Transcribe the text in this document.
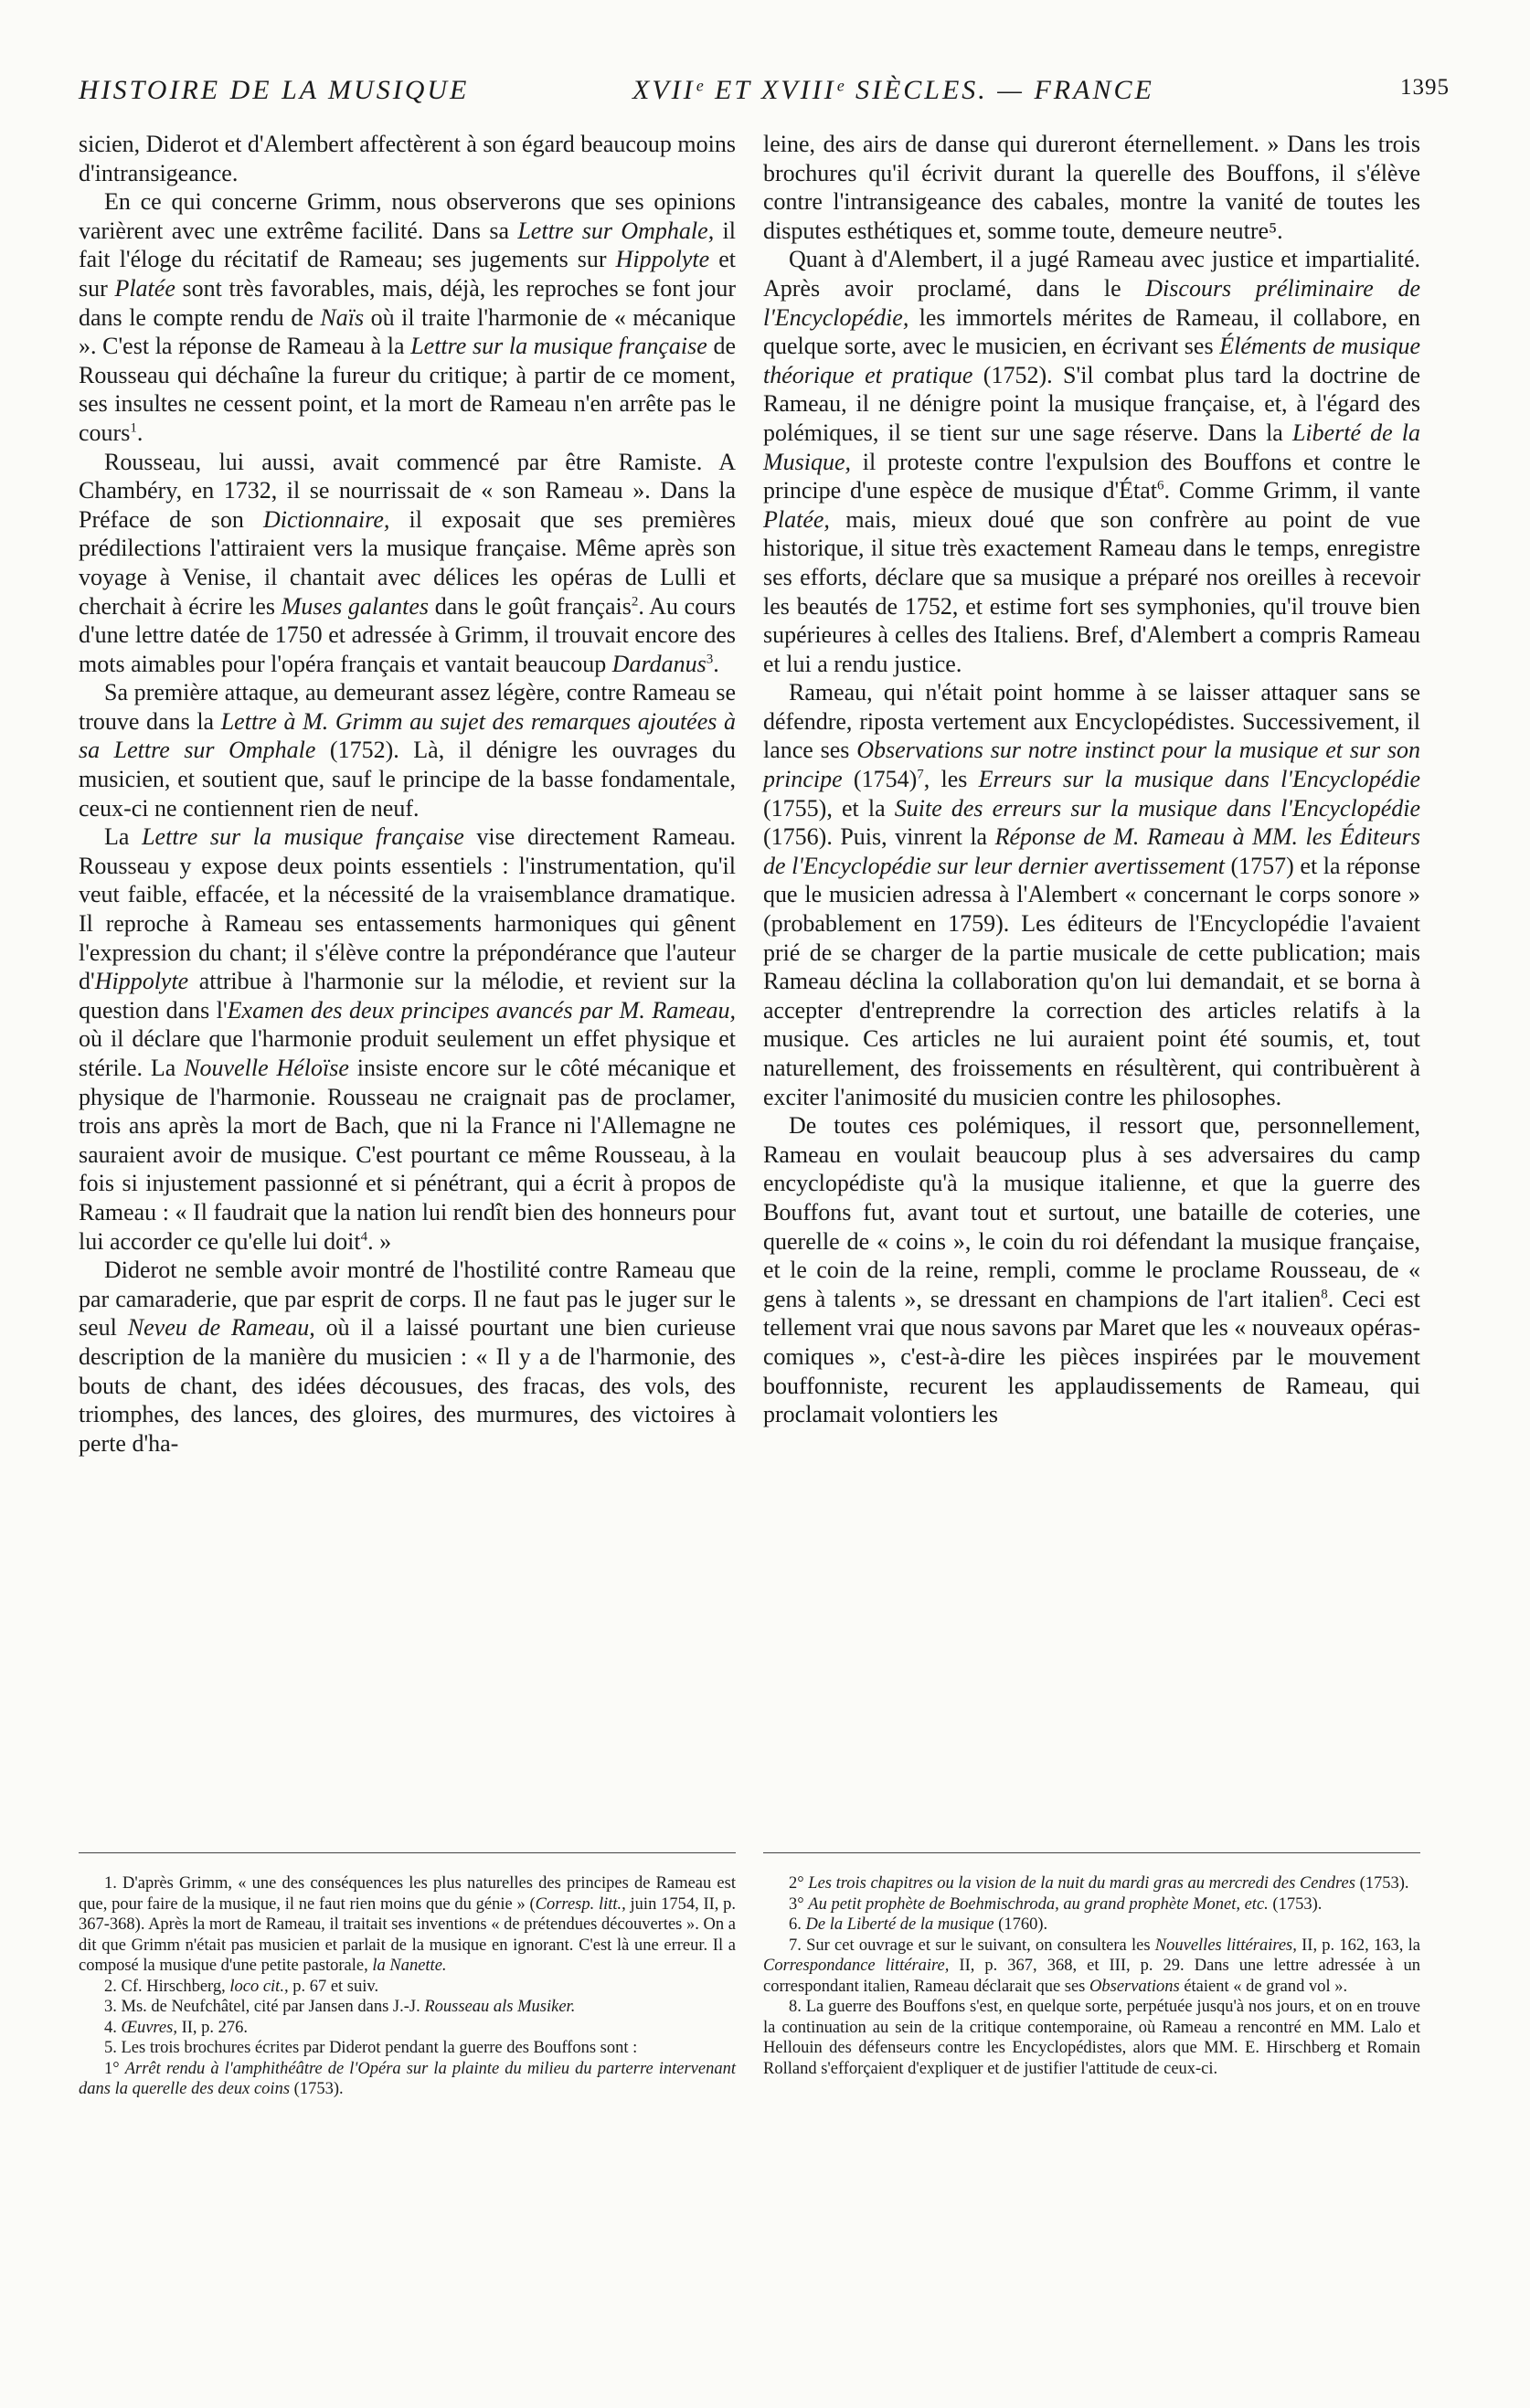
HISTOIRE DE LA MUSIQUE	XVIIᵉ ET XVIIIᵉ SIÈCLES. — FRANCE	1395

sicien, Diderot et d'Alembert affectèrent à son égard beaucoup moins d'intransigeance.

En ce qui concerne Grimm, nous observerons que ses opinions varièrent avec une extrême facilité. Dans sa Lettre sur Omphale, il fait l'éloge du récitatif de Rameau; ses jugements sur Hippolyte et sur Platée sont très favorables, mais, déjà, les reproches se font jour dans le compte rendu de Naïs où il traite l'harmonie de « mécanique ». C'est la réponse de Rameau à la Lettre sur la musique française de Rousseau qui déchaîne la fureur du critique; à partir de ce moment, ses insultes ne cessent point, et la mort de Rameau n'en arrête pas le cours$^1$.

Rousseau, lui aussi, avait commencé par être Ramiste. A Chambéry, en 1732, il se nourrissait de « son Rameau ». Dans la Préface de son Dictionnaire, il exposait que ses premières prédilections l'attiraient vers la musique française. Même après son voyage à Venise, il chantait avec délices les opéras de Lulli et cherchait à écrire les Muses galantes dans le goût français$^2$. Au cours d'une lettre datée de 1750 et adressée à Grimm, il trouvait encore des mots aimables pour l'opéra français et vantait beaucoup Dardanus$^3$.

Sa première attaque, au demeurant assez légère, contre Rameau se trouve dans la Lettre à M. Grimm au sujet des remarques ajoutées à sa Lettre sur Omphale (1752). Là, il dénigre les ouvrages du musicien, et soutient que, sauf le principe de la basse fondamentale, ceux-ci ne contiennent rien de neuf.

La Lettre sur la musique française vise directement Rameau. Rousseau y expose deux points essentiels : l'instrumentation, qu'il veut faible, effacée, et la nécessité de la vraisemblance dramatique. Il reproche à Rameau ses entassements harmoniques qui gênent l'expression du chant; il s'élève contre la prépondérance que l'auteur d'Hippolyte attribue à l'harmonie sur la mélodie, et revient sur la question dans l'Examen des deux principes avancés par M. Rameau, où il déclare que l'harmonie produit seulement un effet physique et stérile. La Nouvelle Héloïse insiste encore sur le côté mécanique et physique de l'harmonie. Rousseau ne craignait pas de proclamer, trois ans après la mort de Bach, que ni la France ni l'Allemagne ne sauraient avoir de musique. C'est pourtant ce même Rousseau, à la fois si injustement passionné et si pénétrant, qui a écrit à propos de Rameau : « Il faudrait que la nation lui rendît bien des honneurs pour lui accorder ce qu'elle lui doit$^4$. »

Diderot ne semble avoir montré de l'hostilité contre Rameau que par camaraderie, que par esprit de corps. Il ne faut pas le juger sur le seul Neveu de Rameau, où il a laissé pourtant une bien curieuse description de la manière du musicien : « Il y a de l'harmonie, des bouts de chant, des idées décousues, des fracas, des vols, des triomphes, des lances, des gloires, des murmures, des victoires à perte d'ha-

leine, des airs de danse qui dureront éternellement. » Dans les trois brochures qu'il écrivit durant la querelle des Bouffons, il s'élève contre l'intransigeance des cabales, montre la vanité de toutes les disputes esthétiques et, somme toute, demeure neutre⁵.

Quant à d'Alembert, il a jugé Rameau avec justice et impartialité. Après avoir proclamé, dans le Discours préliminaire de l'Encyclopédie, les immortels mérites de Rameau, il collabore, en quelque sorte, avec le musicien, en écrivant ses Éléments de musique théorique et pratique (1752). S'il combat plus tard la doctrine de Rameau, il ne dénigre point la musique française, et, à l'égard des polémiques, il se tient sur une sage réserve. Dans la Liberté de la Musique, il proteste contre l'expulsion des Bouffons et contre le principe d'une espèce de musique d'État$^6$. Comme Grimm, il vante Platée, mais, mieux doué que son confrère au point de vue historique, il situe très exactement Rameau dans le temps, enregistre ses efforts, déclare que sa musique a préparé nos oreilles à recevoir les beautés de 1752, et estime fort ses symphonies, qu'il trouve bien supérieures à celles des Italiens. Bref, d'Alembert a compris Rameau et lui a rendu justice.

Rameau, qui n'était point homme à se laisser attaquer sans se défendre, riposta vertement aux Encyclopédistes. Successivement, il lance ses Observations sur notre instinct pour la musique et sur son principe $(1754)^7$, les Erreurs sur la musique dans l'Encyclopédie (1755), et la Suite des erreurs sur la musique dans l'Encyclopédie (1756). Puis, vinrent la Réponse de M. Rameau à MM. les Éditeurs de l'Encyclopédie sur leur dernier avertissement (1757) et la réponse que le musicien adressa à l'Alembert « concernant le corps sonore » (probablement en 1759). Les éditeurs de l'Encyclopédie l'avaient prié de se charger de la partie musicale de cette publication; mais Rameau déclina la collaboration qu'on lui demandait, et se borna à accepter d'entreprendre la correction des articles relatifs à la musique. Ces articles ne lui auraient point été soumis, et, tout naturellement, des froissements en résultèrent, qui contribuèrent à exciter l'animosité du musicien contre les philosophes.

De toutes ces polémiques, il ressort que, personnellement, Rameau en voulait beaucoup plus à ses adversaires du camp encyclopédiste qu'à la musique italienne, et que la guerre des Bouffons fut, avant tout et surtout, une bataille de coteries, une querelle de « coins », le coin du roi défendant la musique française, et le coin de la reine, rempli, comme le proclame Rousseau, de « gens à talents », se dressant en champions de l'art italien$^8$. Ceci est tellement vrai que nous savons par Maret que les « nouveaux opéras-comiques », c'est-à-dire les pièces inspirées par le mouvement bouffonniste, recurent les applaudissements de Rameau, qui proclamait volontiers les

1. D'après Grimm, « une des conséquences les plus naturelles des principes de Rameau est que, pour faire de la musique, il ne faut rien moins que du génie » (Corresp. litt., juin 1754, II, p. 367-368). Après la mort de Rameau, il traitait ses inventions « de prétendues découvertes ». On a dit que Grimm n'était pas musicien et parlait de la musique en ignorant. C'est là une erreur. Il a composé la musique d'une petite pastorale, la Nanette.

2. Cf. Hirschberg, loco cit., p. 67 et suiv.

3. Ms. de Neufchâtel, cité par Jansen dans J.-J. Rousseau als Musiker.

4. Œuvres, II, p. 276.

5. Les trois brochures écrites par Diderot pendant la guerre des Bouffons sont :

1° Arrêt rendu à l'amphithéâtre de l'Opéra sur la plainte du milieu du parterre intervenant dans la querelle des deux coins (1753).

2° Les trois chapitres ou la vision de la nuit du mardi gras au mercredi des Cendres (1753).

3° Au petit prophète de Boehmischroda, au grand prophète Monet, etc. (1753).

6. De la Liberté de la musique (1760).

7. Sur cet ouvrage et sur le suivant, on consultera les Nouvelles littéraires, II, p. 162, 163, la Correspondance littéraire, II, p. 367, 368, et III, p. 29. Dans une lettre adressée à un correspondant italien, Rameau déclarait que ses Observations étaient « de grand vol ».

8. La guerre des Bouffons s'est, en quelque sorte, perpétuée jusqu'à nos jours, et on en trouve la continuation au sein de la critique contemporaine, où Rameau a rencontré en MM. Lalo et Hellouin des défenseurs contre les Encyclopédistes, alors que MM. E. Hirschberg et Romain Rolland s'efforçaient d'expliquer et de justifier l'attitude de ceux-ci.
